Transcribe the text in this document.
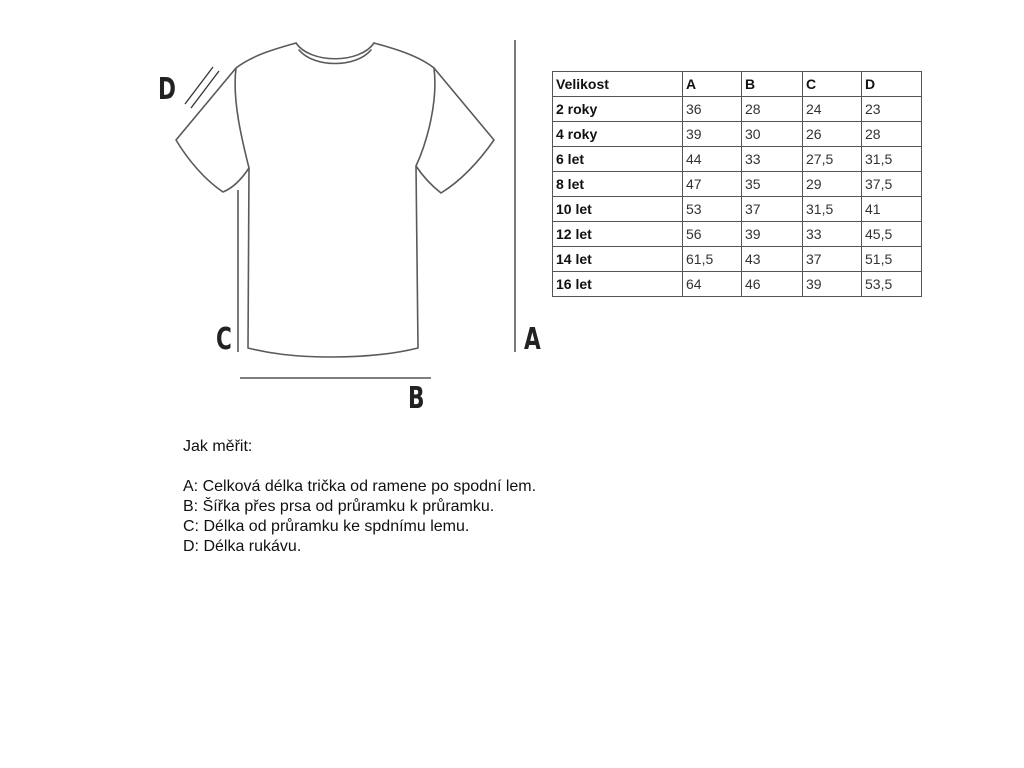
D
C	A
B
Velikost	A	B	C	D
2 roky	36	28	24	23
4 roky	39	30	26	28
6 let	44	33	27,5	31,5
8 let	47	35	29	37,5
10 let	53	37	31,5	41
12 let	56	39	33	45,5
14 let	61,5	43	37	51,5
16 let	64	46	39	53,5
Jak měřit:
A: Celková délka trička od ramene po spodní lem.
B: Šířka přes prsa od průramku k průramku.
C: Délka od průramku ke spdnímu lemu.
D: Délka rukávu.
